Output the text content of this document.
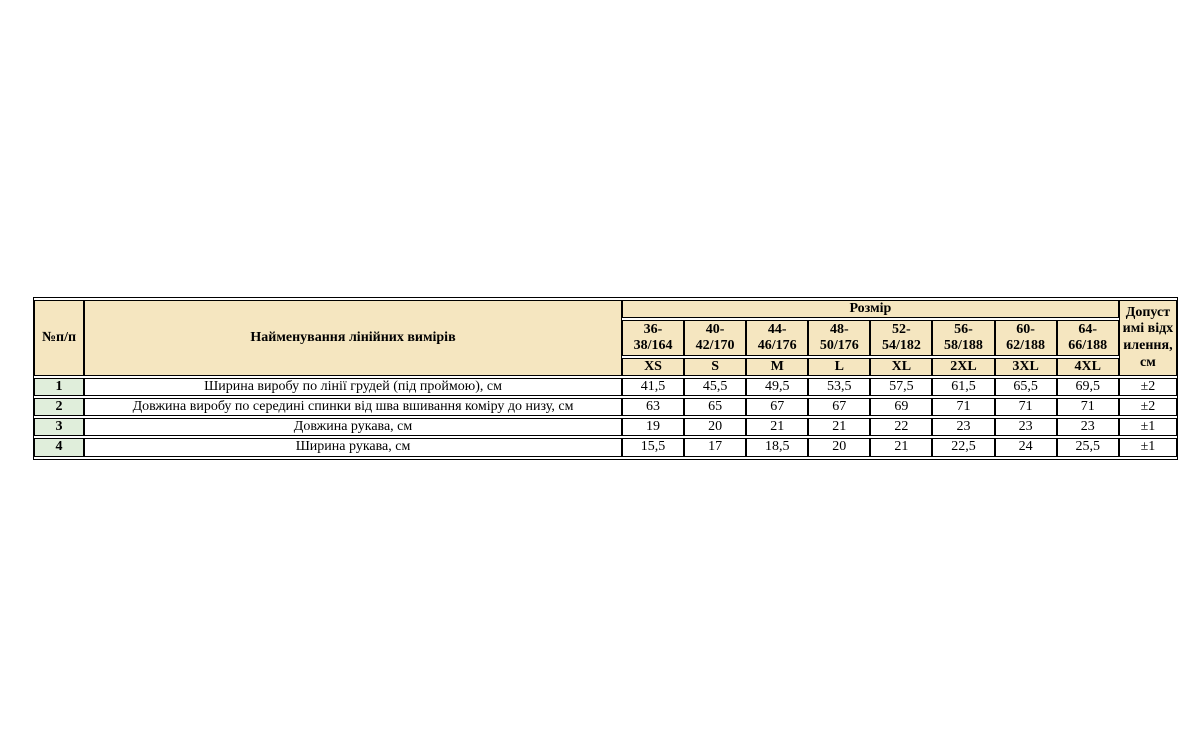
№п/п	Найменування лінійних вимірів	Розмір								Допустимі відхилення, см
		36-38/164	40-42/170	44-46/176	48-50/176	52-54/182	56-58/188	60-62/188	64-66/188	
		XS	S	M	L	XL	2XL	3XL	4XL	
1	Ширина виробу по лінії грудей (під проймою), см	41,5	45,5	49,5	53,5	57,5	61,5	65,5	69,5	±2
2	Довжина виробу по середині спинки від шва вшивання коміру до низу, см	63	65	67	67	69	71	71	71	±2
3	Довжина рукава, см	19	20	21	21	22	23	23	23	±1
4	Ширина рукава, см	15,5	17	18,5	20	21	22,5	24	25,5	±1
